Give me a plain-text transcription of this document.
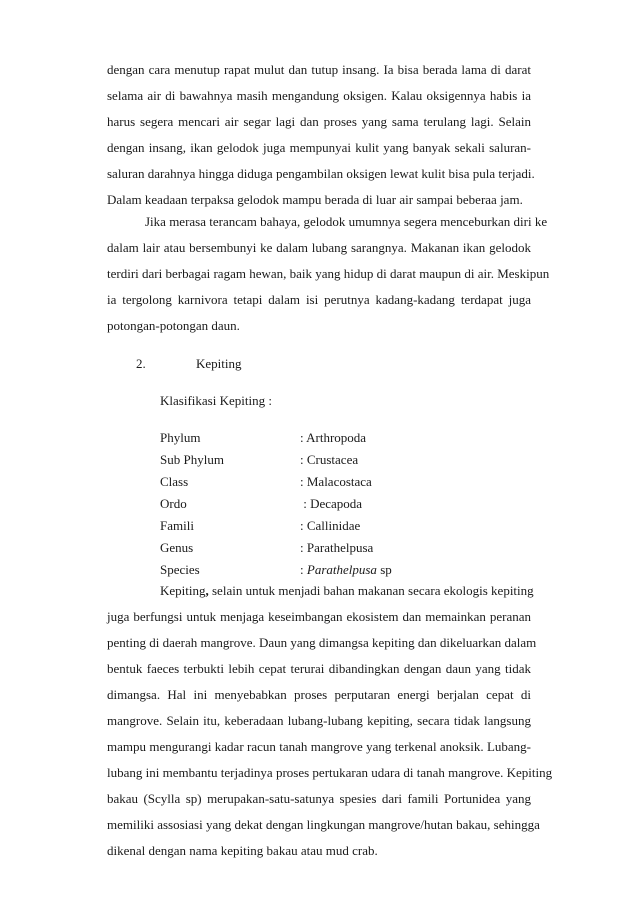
dengan cara menutup rapat mulut dan tutup insang. Ia bisa berada lama di darat
selama air di bawahnya masih mengandung oksigen. Kalau oksigennya habis ia
harus segera mencari air segar lagi dan proses yang sama terulang lagi. Selain
dengan insang, ikan gelodok juga mempunyai kulit yang banyak sekali saluran-
saluran darahnya hingga diduga pengambilan oksigen lewat kulit bisa pula terjadi.
Dalam keadaan terpaksa gelodok mampu berada di luar air sampai beberaa jam.
Jika merasa terancam bahaya, gelodok umumnya segera menceburkan diri ke
dalam lair atau bersembunyi ke dalam lubang sarangnya. Makanan ikan gelodok
terdiri dari berbagai ragam hewan, baik yang hidup di darat maupun di air. Meskipun
ia tergolong karnivora tetapi dalam isi perutnya kadang-kadang terdapat juga
potongan-potongan daun.
2.	Kepiting
Klasifikasi Kepiting :
Phylum	: Arthropoda
Sub Phylum	: Crustacea
Class	: Malacostaca
Ordo	: Decapoda
Famili	: Callinidae
Genus	: Parathelpusa
Species	: Parathelpusa sp
Kepiting, selain untuk menjadi bahan makanan secara ekologis kepiting
juga berfungsi untuk menjaga keseimbangan ekosistem dan memainkan peranan
penting di daerah mangrove. Daun yang dimangsa kepiting dan dikeluarkan dalam
bentuk faeces terbukti lebih cepat terurai dibandingkan dengan daun yang tidak
dimangsa. Hal ini menyebabkan proses perputaran energi berjalan cepat di
mangrove. Selain itu, keberadaan lubang-lubang kepiting, secara tidak langsung
mampu mengurangi kadar racun tanah mangrove yang terkenal anoksik. Lubang-
lubang ini membantu terjadinya proses pertukaran udara di tanah mangrove. Kepiting
bakau (Scylla sp) merupakan-satu-satunya spesies dari famili Portunidea yang
memiliki assosiasi yang dekat dengan lingkungan mangrove/hutan bakau, sehingga
dikenal dengan nama kepiting bakau atau mud crab.
